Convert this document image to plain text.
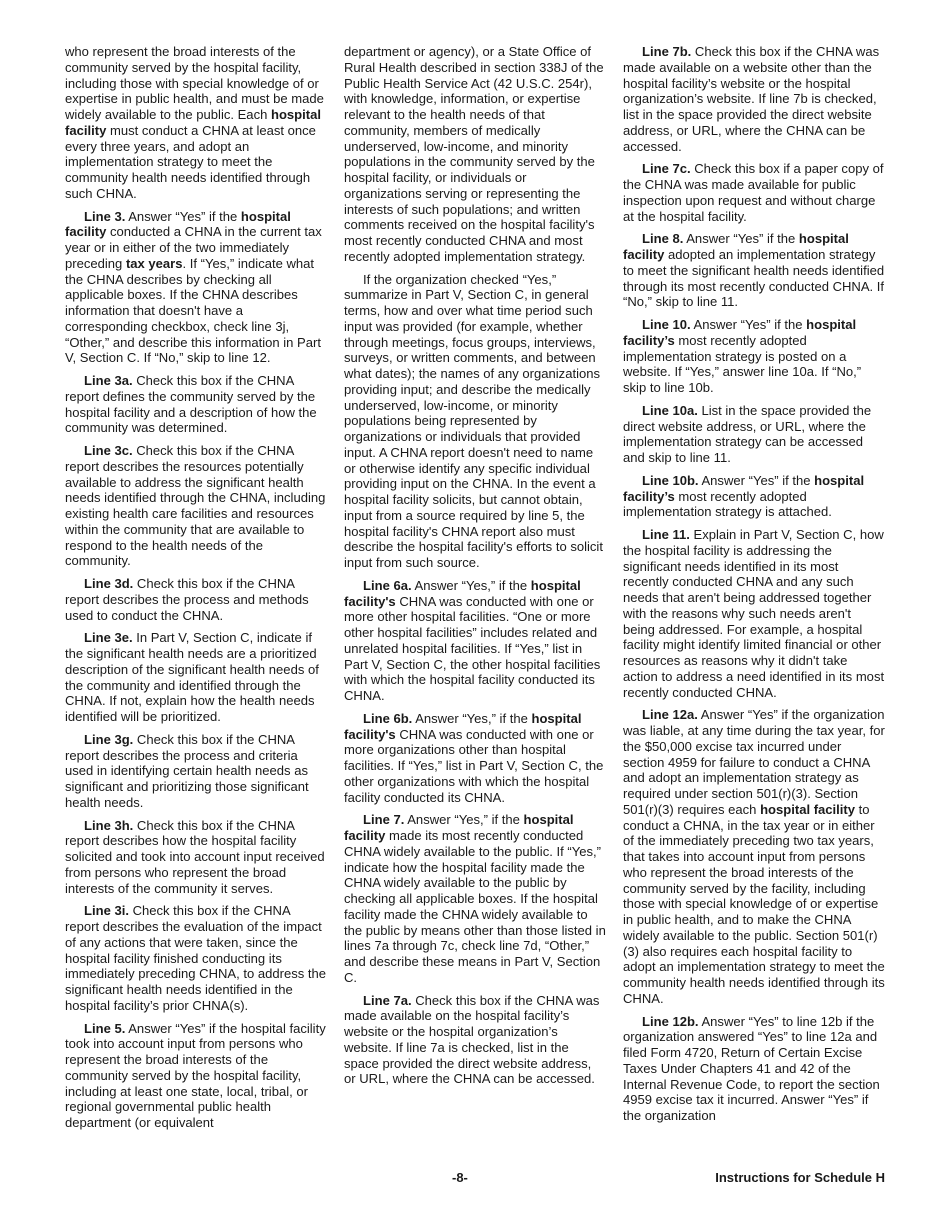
who represent the broad interests of the community served by the hospital facility, including those with special knowledge of or expertise in public health, and must be made widely available to the public. Each hospital facility must conduct a CHNA at least once every three years, and adopt an implementation strategy to meet the community health needs identified through such CHNA.

Line 3. Answer “Yes” if the hospital facility conducted a CHNA in the current tax year or in either of the two immediately preceding tax years. If “Yes,” indicate what the CHNA describes by checking all applicable boxes. If the CHNA describes information that doesn't have a corresponding checkbox, check line 3j, “Other,” and describe this information in Part V, Section C. If “No,” skip to line 12.

Line 3a. Check this box if the CHNA report defines the community served by the hospital facility and a description of how the community was determined.

Line 3c. Check this box if the CHNA report describes the resources potentially available to address the significant health needs identified through the CHNA, including existing health care facilities and resources within the community that are available to respond to the health needs of the community.

Line 3d. Check this box if the CHNA report describes the process and methods used to conduct the CHNA.

Line 3e. In Part V, Section C, indicate if the significant health needs are a prioritized description of the significant health needs of the community and identified through the CHNA. If not, explain how the health needs identified will be prioritized.

Line 3g. Check this box if the CHNA report describes the process and criteria used in identifying certain health needs as significant and prioritizing those significant health needs.

Line 3h. Check this box if the CHNA report describes how the hospital facility solicited and took into account input received from persons who represent the broad interests of the community it serves.

Line 3i. Check this box if the CHNA report describes the evaluation of the impact of any actions that were taken, since the hospital facility finished conducting its immediately preceding CHNA, to address the significant health needs identified in the hospital facility’s prior CHNA(s).

Line 5. Answer “Yes” if the hospital facility took into account input from persons who represent the broad interests of the community served by the hospital facility, including at least one state, local, tribal, or regional governmental public health department (or equivalent

department or agency), or a State Office of Rural Health described in section 338J of the Public Health Service Act (42 U.S.C. 254r), with knowledge, information, or expertise relevant to the health needs of that community, members of medically underserved, low-income, and minority populations in the community served by the hospital facility, or individuals or organizations serving or representing the interests of such populations; and written comments received on the hospital facility's most recently conducted CHNA and most recently adopted implementation strategy.

If the organization checked “Yes,” summarize in Part V, Section C, in general terms, how and over what time period such input was provided (for example, whether through meetings, focus groups, interviews, surveys, or written comments, and between what dates); the names of any organizations providing input; and describe the medically underserved, low-income, or minority populations being represented by organizations or individuals that provided input. A CHNA report doesn't need to name or otherwise identify any specific individual providing input on the CHNA. In the event a hospital facility solicits, but cannot obtain, input from a source required by line 5, the hospital facility's CHNA report also must describe the hospital facility's efforts to solicit input from such source.

Line 6a. Answer “Yes,” if the hospital facility's CHNA was conducted with one or more other hospital facilities. “One or more other hospital facilities” includes related and unrelated hospital facilities. If “Yes,” list in Part V, Section C, the other hospital facilities with which the hospital facility conducted its CHNA.

Line 6b. Answer “Yes,” if the hospital facility's CHNA was conducted with one or more organizations other than hospital facilities. If “Yes,” list in Part V, Section C, the other organizations with which the hospital facility conducted its CHNA.

Line 7. Answer “Yes,” if the hospital facility made its most recently conducted CHNA widely available to the public. If “Yes,” indicate how the hospital facility made the CHNA widely available to the public by checking all applicable boxes. If the hospital facility made the CHNA widely available to the public by means other than those listed in lines 7a through 7c, check line 7d, “Other,” and describe these means in Part V, Section C.

Line 7a. Check this box if the CHNA was made available on the hospital facility’s website or the hospital organization’s website. If line 7a is checked, list in the space provided the direct website address, or URL, where the CHNA can be accessed.

Line 7b. Check this box if the CHNA was made available on a website other than the hospital facility’s website or the hospital organization’s website. If line 7b is checked, list in the space provided the direct website address, or URL, where the CHNA can be accessed.

Line 7c. Check this box if a paper copy of the CHNA was made available for public inspection upon request and without charge at the hospital facility.

Line 8. Answer “Yes” if the hospital facility adopted an implementation strategy to meet the significant health needs identified through its most recently conducted CHNA. If “No,” skip to line 11.

Line 10. Answer “Yes” if the hospital facility’s most recently adopted implementation strategy is posted on a website. If “Yes,” answer line 10a. If “No,” skip to line 10b.

Line 10a. List in the space provided the direct website address, or URL, where the implementation strategy can be accessed and skip to line 11.

Line 10b. Answer “Yes” if the hospital facility’s most recently adopted implementation strategy is attached.

Line 11. Explain in Part V, Section C, how the hospital facility is addressing the significant needs identified in its most recently conducted CHNA and any such needs that aren't being addressed together with the reasons why such needs aren't being addressed. For example, a hospital facility might identify limited financial or other resources as reasons why it didn't take action to address a need identified in its most recently conducted CHNA.

Line 12a. Answer “Yes” if the organization was liable, at any time during the tax year, for the $50,000 excise tax incurred under section 4959 for failure to conduct a CHNA and adopt an implementation strategy as required under section 501(r)(3). Section 501(r)(3) requires each hospital facility to conduct a CHNA, in the tax year or in either of the immediately preceding two tax years, that takes into account input from persons who represent the broad interests of the community served by the facility, including those with special knowledge of or expertise in public health, and to make the CHNA widely available to the public. Section 501(r)(3) also requires each hospital facility to adopt an implementation strategy to meet the community health needs identified through its CHNA.

Line 12b. Answer “Yes” to line 12b if the organization answered “Yes” to line 12a and filed Form 4720, Return of Certain Excise Taxes Under Chapters 41 and 42 of the Internal Revenue Code, to report the section 4959 excise tax it incurred. Answer “Yes” if the organization

-8-	Instructions for Schedule H
